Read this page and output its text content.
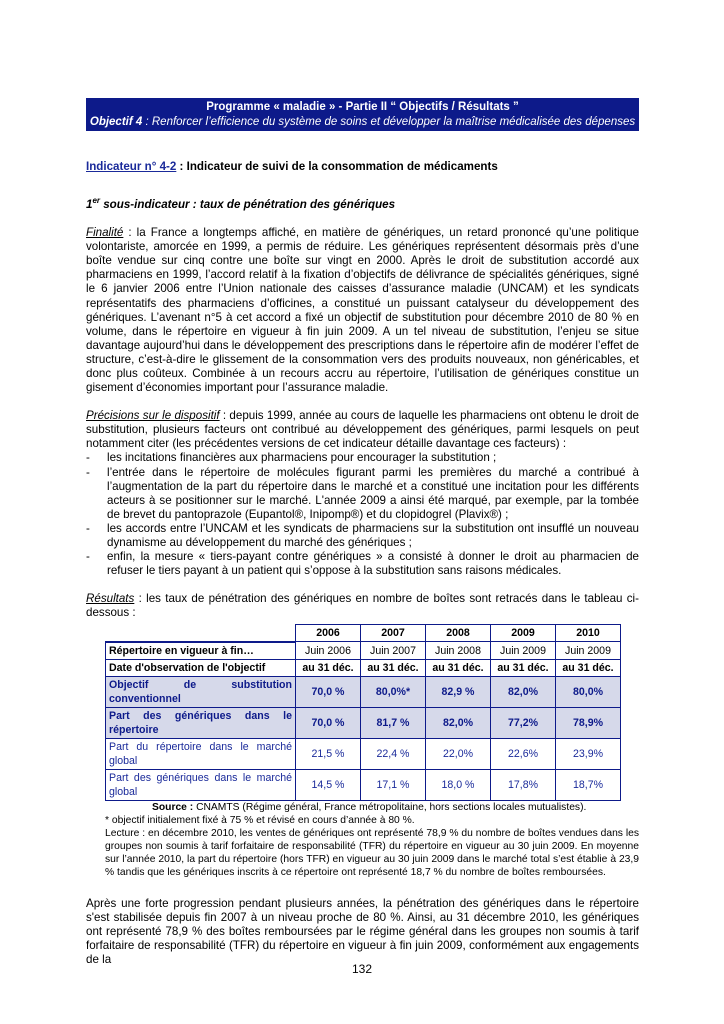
Programme « maladie » - Partie II “ Objectifs / Résultats ”
Objectif 4 : Renforcer l’efficience du système de soins et développer la maîtrise médicalisée des dépenses
Indicateur n° 4-2 : Indicateur de suivi de la consommation de médicaments
1er sous-indicateur : taux de pénétration des génériques

Finalité : la France a longtemps affiché, en matière de génériques, un retard prononcé qu’une politique volontariste, amorcée en 1999, a permis de réduire. Les génériques représentent désormais près d’une boîte vendue sur cinq contre une boîte sur vingt en 2000. Après le droit de substitution accordé aux pharmaciens en 1999, l’accord relatif à la fixation d’objectifs de délivrance de spécialités génériques, signé le 6 janvier 2006 entre l’Union nationale des caisses d’assurance maladie (UNCAM) et les syndicats représentatifs des pharmaciens d’officines, a constitué un puissant catalyseur du développement des génériques. L’avenant n°5 à cet accord a fixé un objectif de substitution pour décembre 2010 de 80 % en volume, dans le répertoire en vigueur à fin juin 2009. A un tel niveau de substitution, l’enjeu se situe davantage aujourd’hui dans le développement des prescriptions dans le répertoire afin de modérer l’effet de structure, c’est-à-dire le glissement de la consommation vers des produits nouveaux, non généricables, et donc plus coûteux. Combinée à un recours accru au répertoire, l’utilisation de génériques constitue un gisement d’économies important pour l’assurance maladie.

Précisions sur le dispositif : depuis 1999, année au cours de laquelle les pharmaciens ont obtenu le droit de substitution, plusieurs facteurs ont contribué au développement des génériques, parmi lesquels on peut notamment citer (les précédentes versions de cet indicateur détaille davantage ces facteurs) :

- les incitations financières aux pharmaciens pour encourager la substitution ;
- l’entrée dans le répertoire de molécules figurant parmi les premières du marché a contribué à l’augmentation de la part du répertoire dans le marché et a constitué une incitation pour les différents acteurs à se positionner sur le marché. L'année 2009 a ainsi été marqué, par exemple, par la tombée de brevet du pantoprazole (Eupantol®, Inipomp®) et du clopidogrel (Plavix®) ;
- les accords entre l’UNCAM et les syndicats de pharmaciens sur la substitution ont insufflé un nouveau dynamisme au développement du marché des génériques ;
- enfin, la mesure « tiers-payant contre génériques » a consisté à donner le droit au pharmacien de refuser le tiers payant à un patient qui s’oppose à la substitution sans raisons médicales.

Résultats : les taux de pénétration des génériques en nombre de boîtes sont retracés dans le tableau ci-dessous :

	2006	2007	2008	2009	2010
Répertoire en vigueur à fin…	Juin 2006	Juin 2007	Juin 2008	Juin 2009	Juin 2009
Date d'observation de l'objectif	au 31 déc.	au 31 déc.	au 31 déc.	au 31 déc.	au 31 déc.
Objectif de substitution conventionnel	70,0 %	80,0%*	82,9 %	82,0%	80,0%
Part des génériques dans le répertoire	70,0 %	81,7 %	82,0%	77,2%	78,9%
Part du répertoire dans le marché global	21,5 %	22,4 %	22,0%	22,6%	23,9%
Part des génériques dans le marché global	14,5 %	17,1 %	18,0 %	17,8%	18,7%
Source : CNAMTS (Régime général, France métropolitaine, hors sections locales mutualistes).
* objectif initialement fixé à 75 % et révisé en cours d’année à 80 %.
Lecture : en décembre 2010, les ventes de génériques ont représenté 78,9 % du nombre de boîtes vendues dans les groupes non soumis à tarif forfaitaire de responsabilité (TFR) du répertoire en vigueur au 30 juin 2009. En moyenne sur l’année 2010, la part du répertoire (hors TFR) en vigueur au 30 juin 2009 dans le marché total s’est établie à 23,9 % tandis que les génériques inscrits à ce répertoire ont représenté 18,7 % du nombre de boîtes remboursées.

Après une forte progression pendant plusieurs années, la pénétration des génériques dans le répertoire s'est stabilisée depuis fin 2007 à un niveau proche de 80 %. Ainsi, au 31 décembre 2010, les génériques ont représenté 78,9 % des boîtes remboursées par le régime général dans les groupes non soumis à tarif forfaitaire de responsabilité (TFR) du répertoire en vigueur à fin juin 2009, conformément aux engagements de la

132
